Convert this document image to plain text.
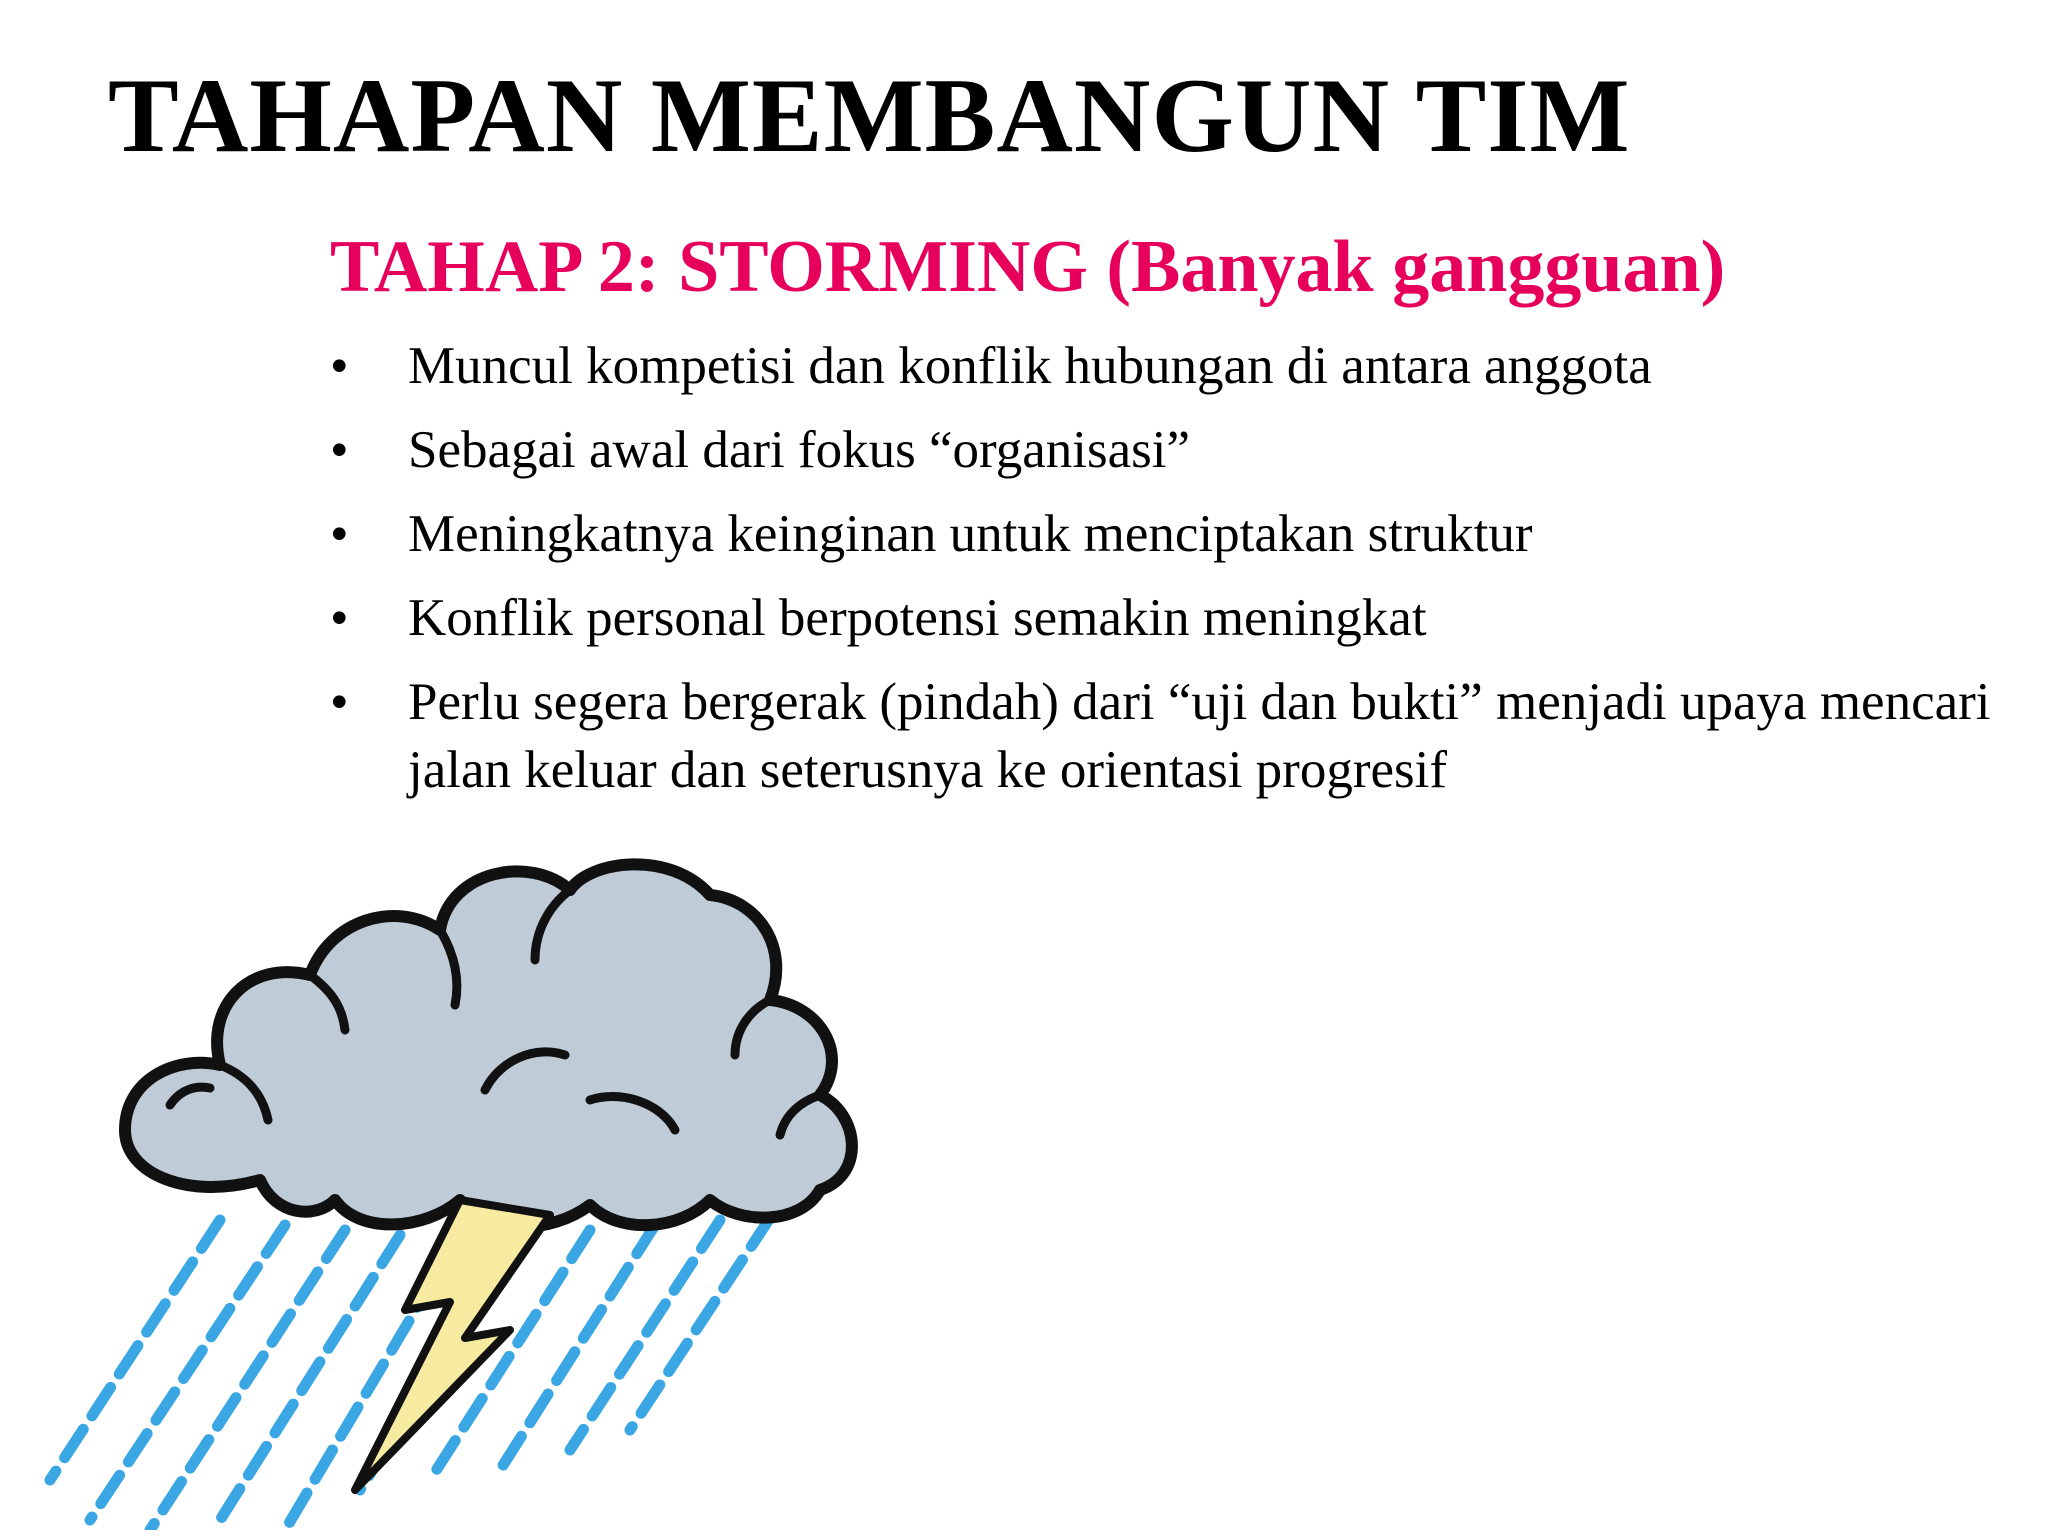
TAHAPAN MEMBANGUN TIM
TAHAP 2: STORMING (Banyak gangguan)
•	Muncul kompetisi dan konflik hubungan di antara anggota
•	Sebagai awal dari fokus “organisasi”
•	Meningkatnya keinginan untuk menciptakan struktur
•	Konflik personal berpotensi semakin meningkat
•	Perlu segera bergerak (pindah) dari “uji dan bukti” menjadi upaya mencari jalan keluar dan seterusnya ke orientasi progresif
